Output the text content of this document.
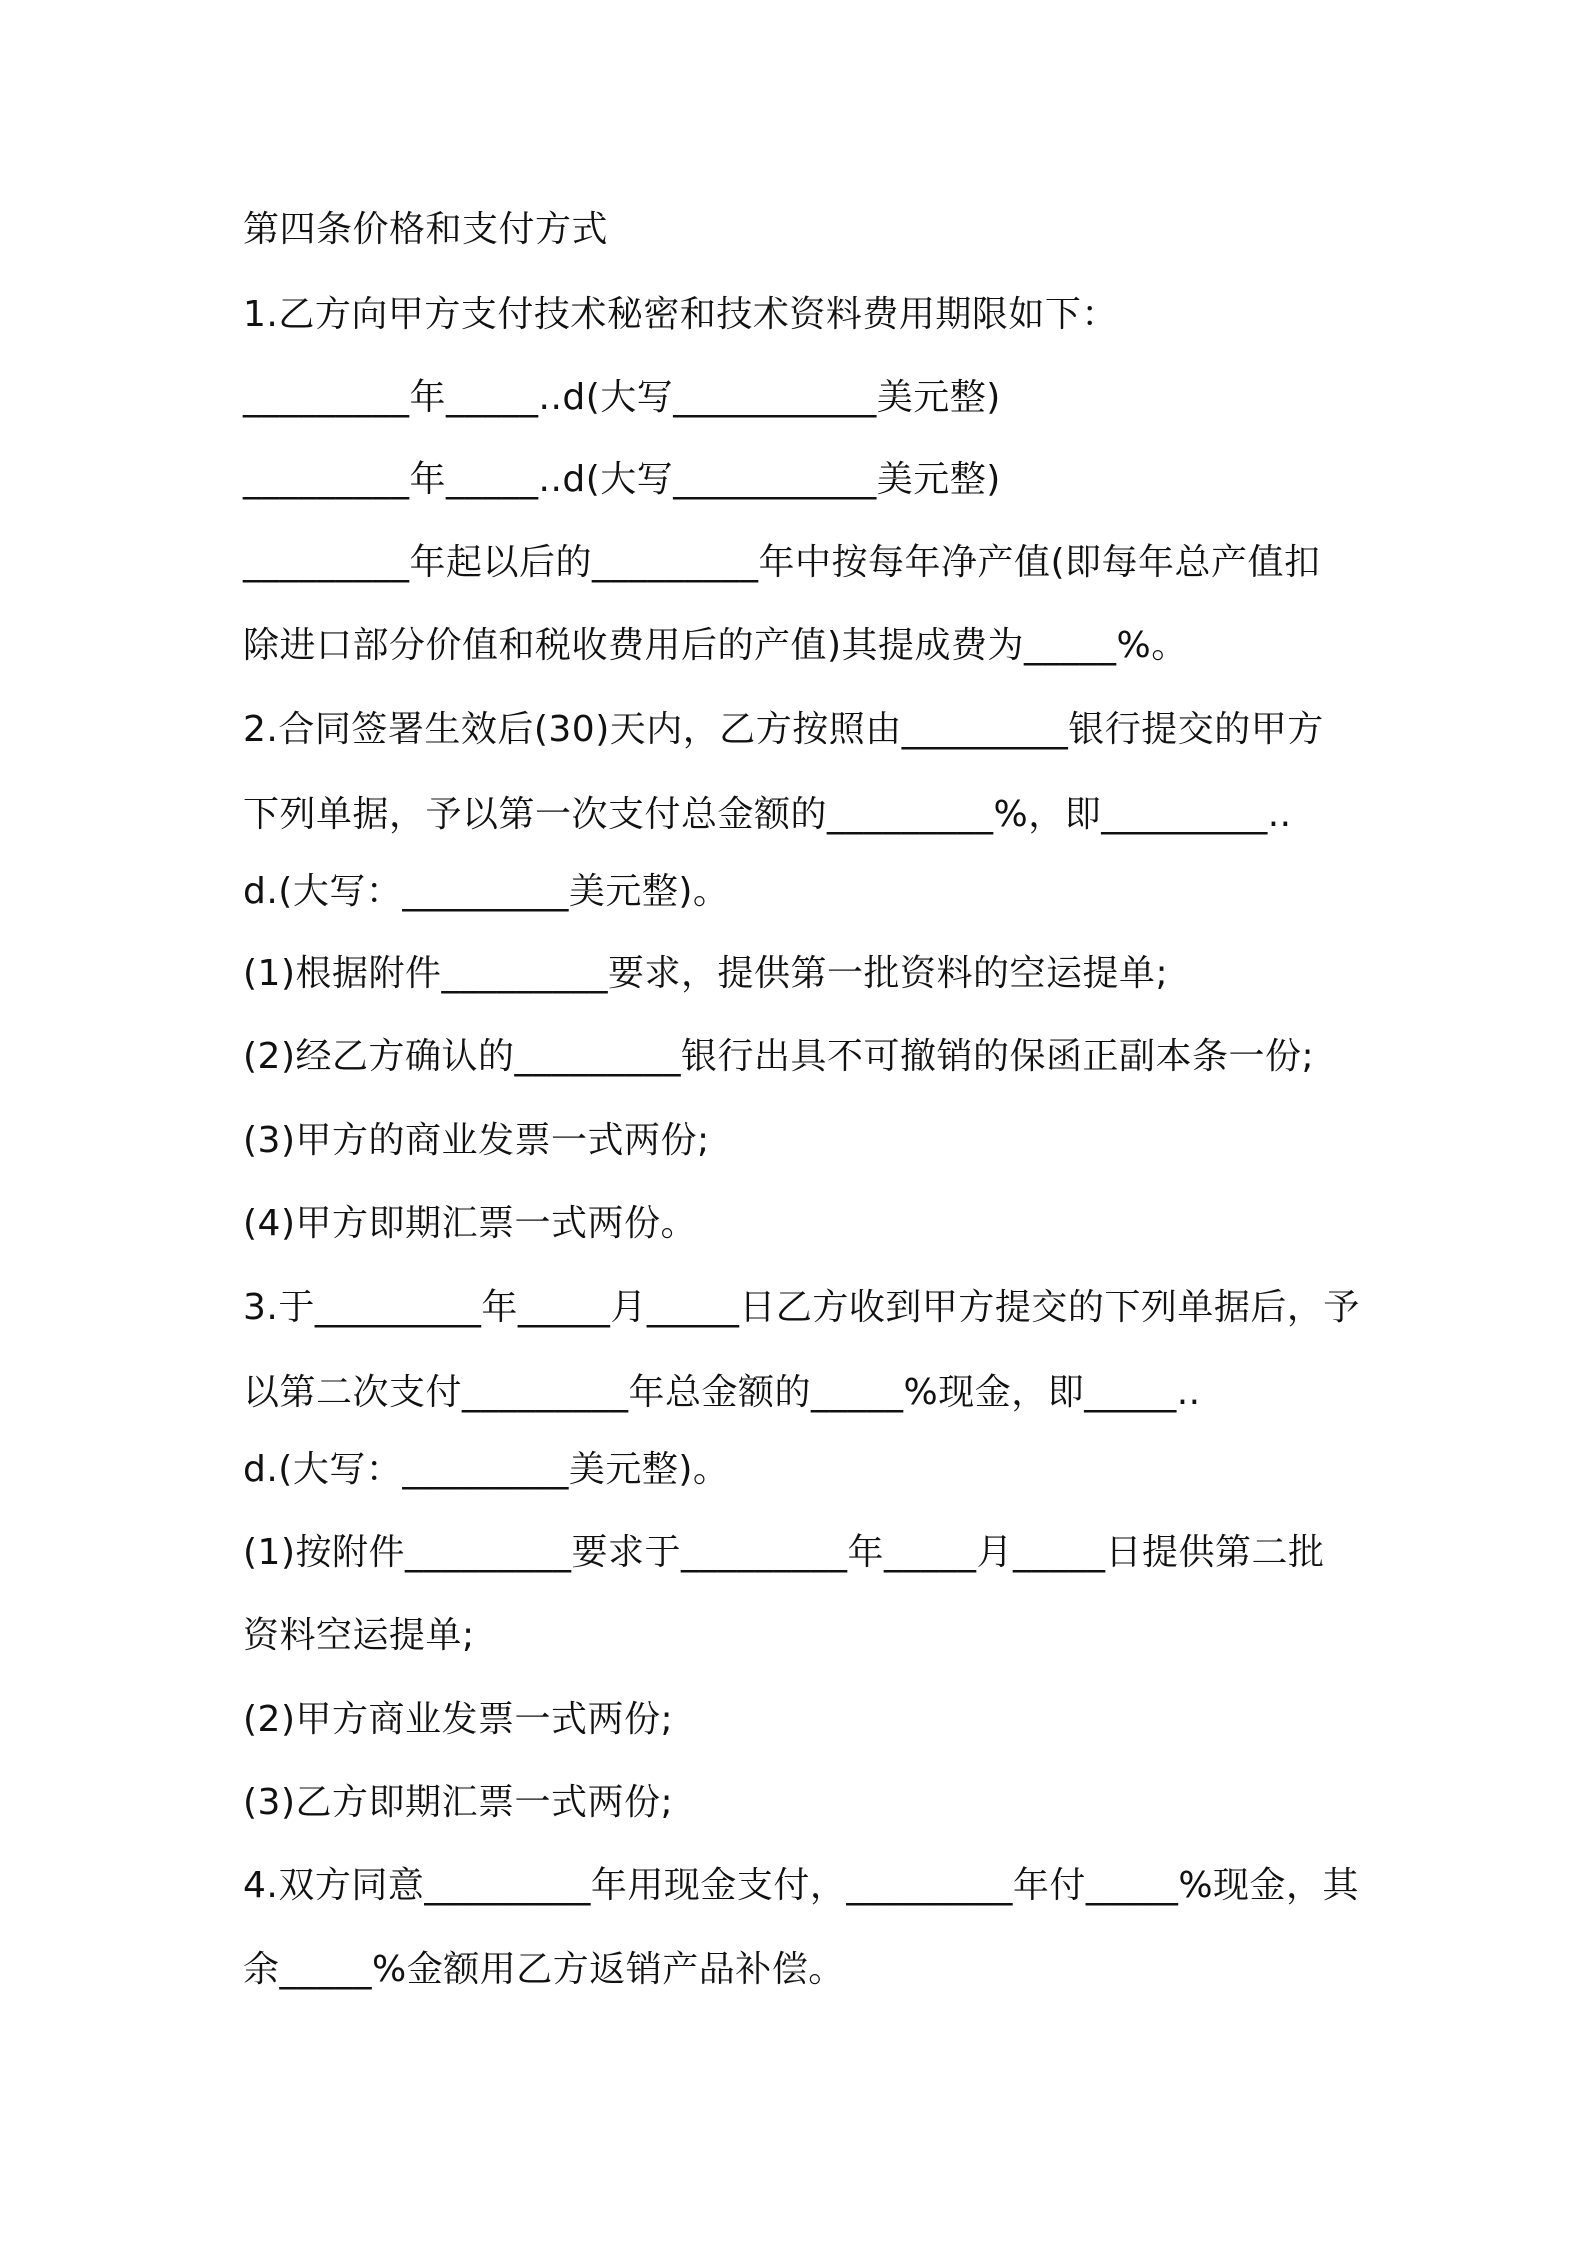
第四条价格和支付方式
1.乙方向甲方支付技术秘密和技术资料费用期限如下：
_________年_____..d(大写___________美元整)
_________年_____..d(大写___________美元整)
_________年起以后的_________年中按每年净产值(即每年总产值扣
除进口部分价值和税收费用后的产值)其提成费为_____%。
2.合同签署生效后(30)天内，乙方按照由_________银行提交的甲方
下列单据，予以第一次支付总金额的_________%，即_________..
d.(大写：_________美元整)。
(1)根据附件_________要求，提供第一批资料的空运提单;
(2)经乙方确认的_________银行出具不可撤销的保函正副本条一份;
(3)甲方的商业发票一式两份;
(4)甲方即期汇票一式两份。
3.于_________年_____月_____日乙方收到甲方提交的下列单据后，予
以第二次支付_________年总金额的_____%现金，即_____..
d.(大写：_________美元整)。
(1)按附件_________要求于_________年_____月_____日提供第二批
资料空运提单;
(2)甲方商业发票一式两份;
(3)乙方即期汇票一式两份;
4.双方同意_________年用现金支付，_________年付_____%现金，其
余_____%金额用乙方返销产品补偿。
